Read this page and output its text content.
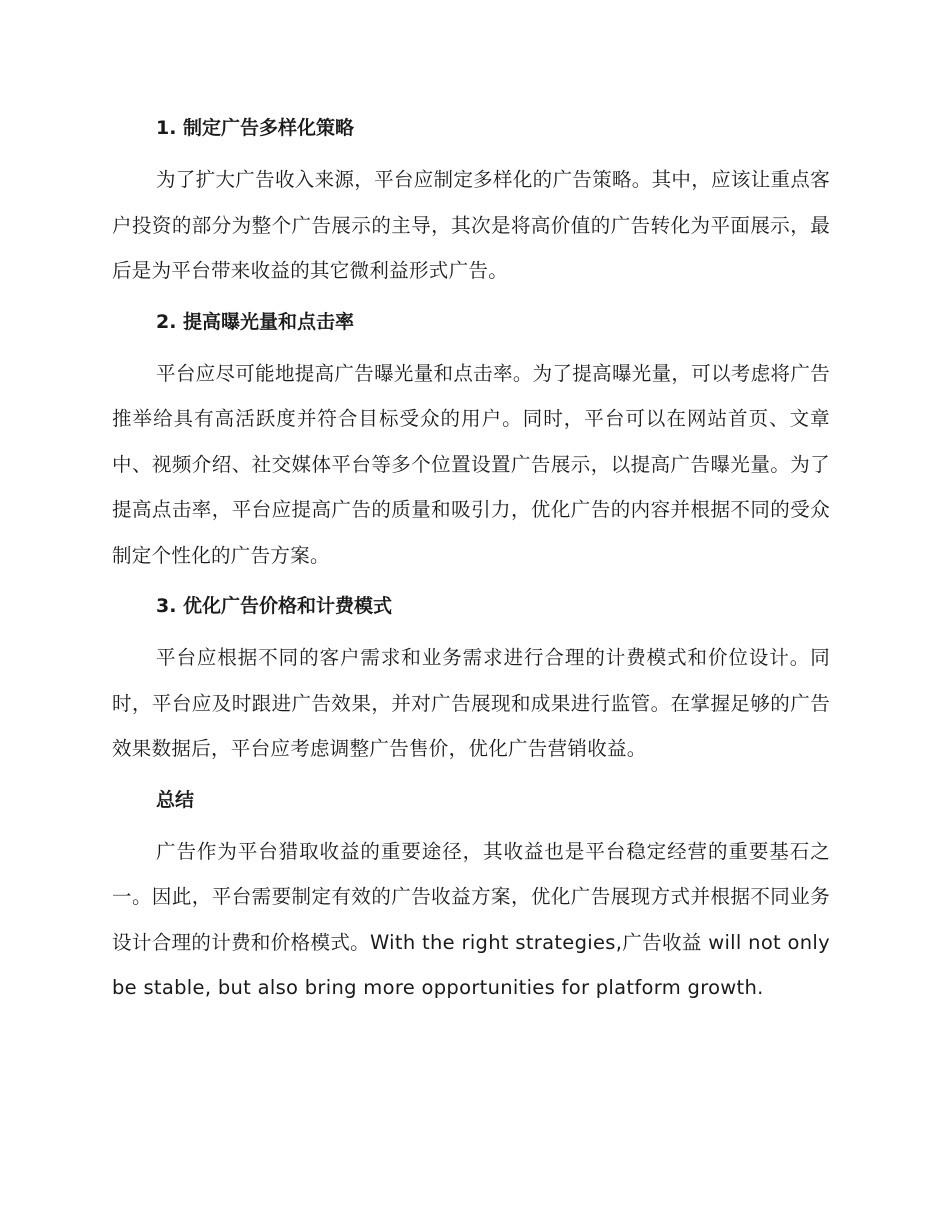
1. 制定广告多样化策略

为了扩大广告收入来源，平台应制定多样化的广告策略。其中，应该让重点客户投资的部分为整个广告展示的主导，其次是将高价值的广告转化为平面展示，最后是为平台带来收益的其它微利益形式广告。

2. 提高曝光量和点击率

平台应尽可能地提高广告曝光量和点击率。为了提高曝光量，可以考虑将广告推举给具有高活跃度并符合目标受众的用户。同时，平台可以在网站首页、文章中、视频介绍、社交媒体平台等多个位置设置广告展示，以提高广告曝光量。为了提高点击率，平台应提高广告的质量和吸引力，优化广告的内容并根据不同的受众制定个性化的广告方案。

3. 优化广告价格和计费模式

平台应根据不同的客户需求和业务需求进行合理的计费模式和价位设计。同时，平台应及时跟进广告效果，并对广告展现和成果进行监管。在掌握足够的广告效果数据后，平台应考虑调整广告售价，优化广告营销收益。

总结

广告作为平台猎取收益的重要途径，其收益也是平台稳定经营的重要基石之一。因此，平台需要制定有效的广告收益方案，优化广告展现方式并根据不同业务设计合理的计费和价格模式。With the right strategies,广告收益 will not only be stable, but also bring more opportunities for platform growth.
